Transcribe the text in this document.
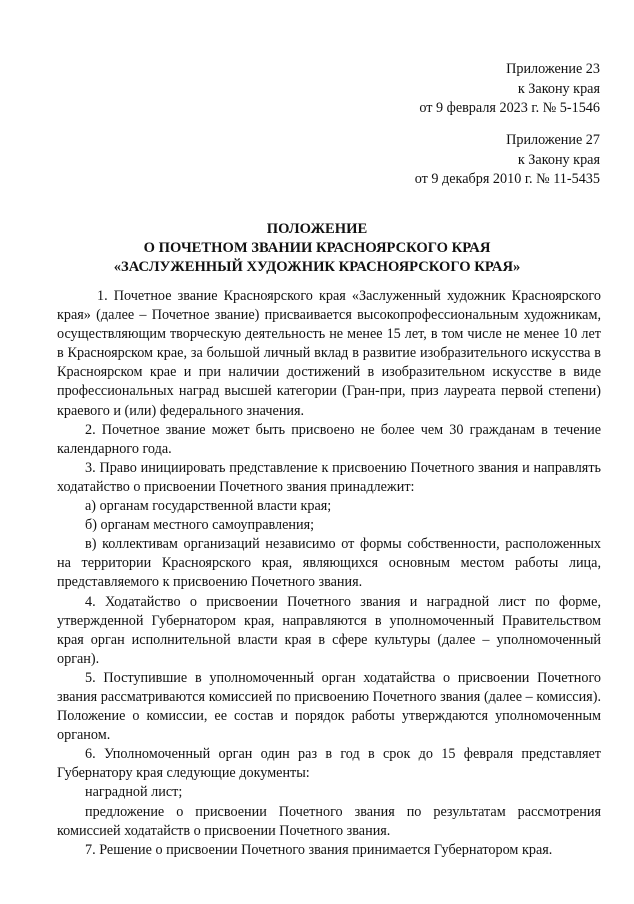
Приложение 23
к Закону края
от 9 февраля 2023 г. № 5-1546
Приложение 27
к Закону края
от 9 декабря 2010 г. № 11-5435
ПОЛОЖЕНИЕ
О ПОЧЕТНОМ ЗВАНИИ КРАСНОЯРСКОГО КРАЯ
«ЗАСЛУЖЕННЫЙ ХУДОЖНИК КРАСНОЯРСКОГО КРАЯ»

1. Почетное звание Красноярского края «Заслуженный художник Красноярского края» (далее – Почетное звание) присваивается высокопрофессиональным художникам, осуществляющим творческую деятельность не менее 15 лет, в том числе не менее 10 лет в Красноярском крае, за большой личный вклад в развитие изобразительного искусства в Красноярском крае и при наличии достижений в изобразительном искусстве в виде профессиональных наград высшей категории (Гран-при, приз лауреата первой степени) краевого и (или) федерального значения.

2. Почетное звание может быть присвоено не более чем 30 гражданам в течение календарного года.

3. Право инициировать представление к присвоению Почетного звания и направлять ходатайство о присвоении Почетного звания принадлежит:

а) органам государственной власти края;

б) органам местного самоуправления;

в) коллективам организаций независимо от формы собственности, расположенных на территории Красноярского края, являющихся основным местом работы лица, представляемого к присвоению Почетного звания.

4. Ходатайство о присвоении Почетного звания и наградной лист по форме, утвержденной Губернатором края, направляются в уполномоченный Правительством края орган исполнительной власти края в сфере культуры (далее – уполномоченный орган).

5. Поступившие в уполномоченный орган ходатайства о присвоении Почетного звания рассматриваются комиссией по присвоению Почетного звания (далее – комиссия). Положение о комиссии, ее состав и порядок работы утверждаются уполномоченным органом.

6. Уполномоченный орган один раз в год в срок до 15 февраля представляет Губернатору края следующие документы:

наградной лист;

предложение о присвоении Почетного звания по результатам рассмотрения комиссией ходатайств о присвоении Почетного звания.

7. Решение о присвоении Почетного звания принимается Губернатором края.
